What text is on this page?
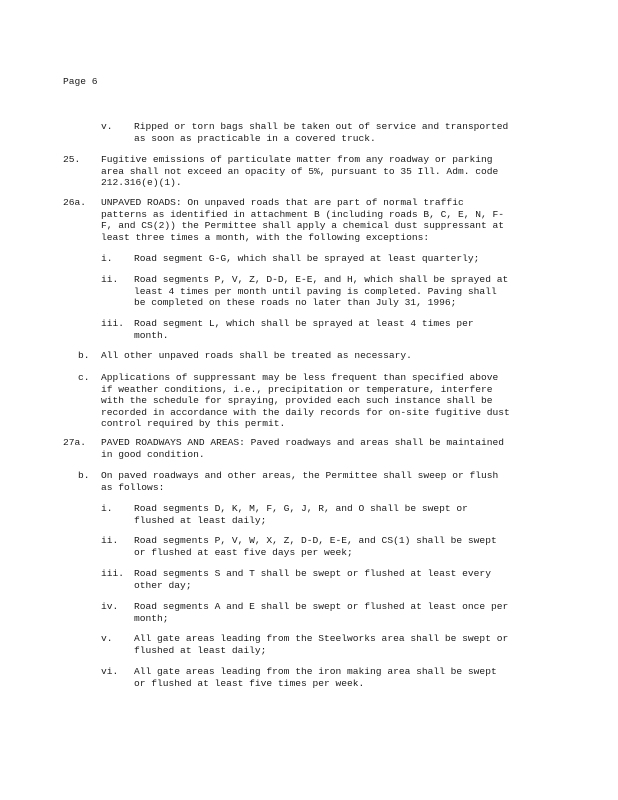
Page 6
v. Ripped or torn bags shall be taken out of service and transported
as soon as practicable in a covered truck.
25. Fugitive emissions of particulate matter from any roadway or parking
area shall not exceed an opacity of 5%, pursuant to 35 Ill. Adm. code
212.316(e)(1).
26a. UNPAVED ROADS: On unpaved roads that are part of normal traffic
patterns as identified in attachment B (including roads B, C, E, N, F-
F, and CS(2)) the Permittee shall apply a chemical dust suppressant at
least three times a month, with the following exceptions:
i. Road segment G-G, which shall be sprayed at least quarterly;
ii. Road segments P, V, Z, D-D, E-E, and H, which shall be sprayed at
least 4 times per month until paving is completed. Paving shall
be completed on these roads no later than July 31, 1996;
iii. Road segment L, which shall be sprayed at least 4 times per
month.
b. All other unpaved roads shall be treated as necessary.
c. Applications of suppressant may be less frequent than specified above
if weather conditions, i.e., precipitation or temperature, interfere
with the schedule for spraying, provided each such instance shall be
recorded in accordance with the daily records for on-site fugitive dust
control required by this permit.
27a. PAVED ROADWAYS AND AREAS: Paved roadways and areas shall be maintained
in good condition.
b. On paved roadways and other areas, the Permittee shall sweep or flush
as follows:
i. Road segments D, K, M, F, G, J, R, and O shall be swept or
flushed at least daily;
ii. Road segments P, V, W, X, Z, D-D, E-E, and CS(1) shall be swept
or flushed at east five days per week;
iii. Road segments S and T shall be swept or flushed at least every
other day;
iv. Road segments A and E shall be swept or flushed at least once per
month;
v. All gate areas leading from the Steelworks area shall be swept or
flushed at least daily;
vi. All gate areas leading from the iron making area shall be swept
or flushed at least five times per week.
